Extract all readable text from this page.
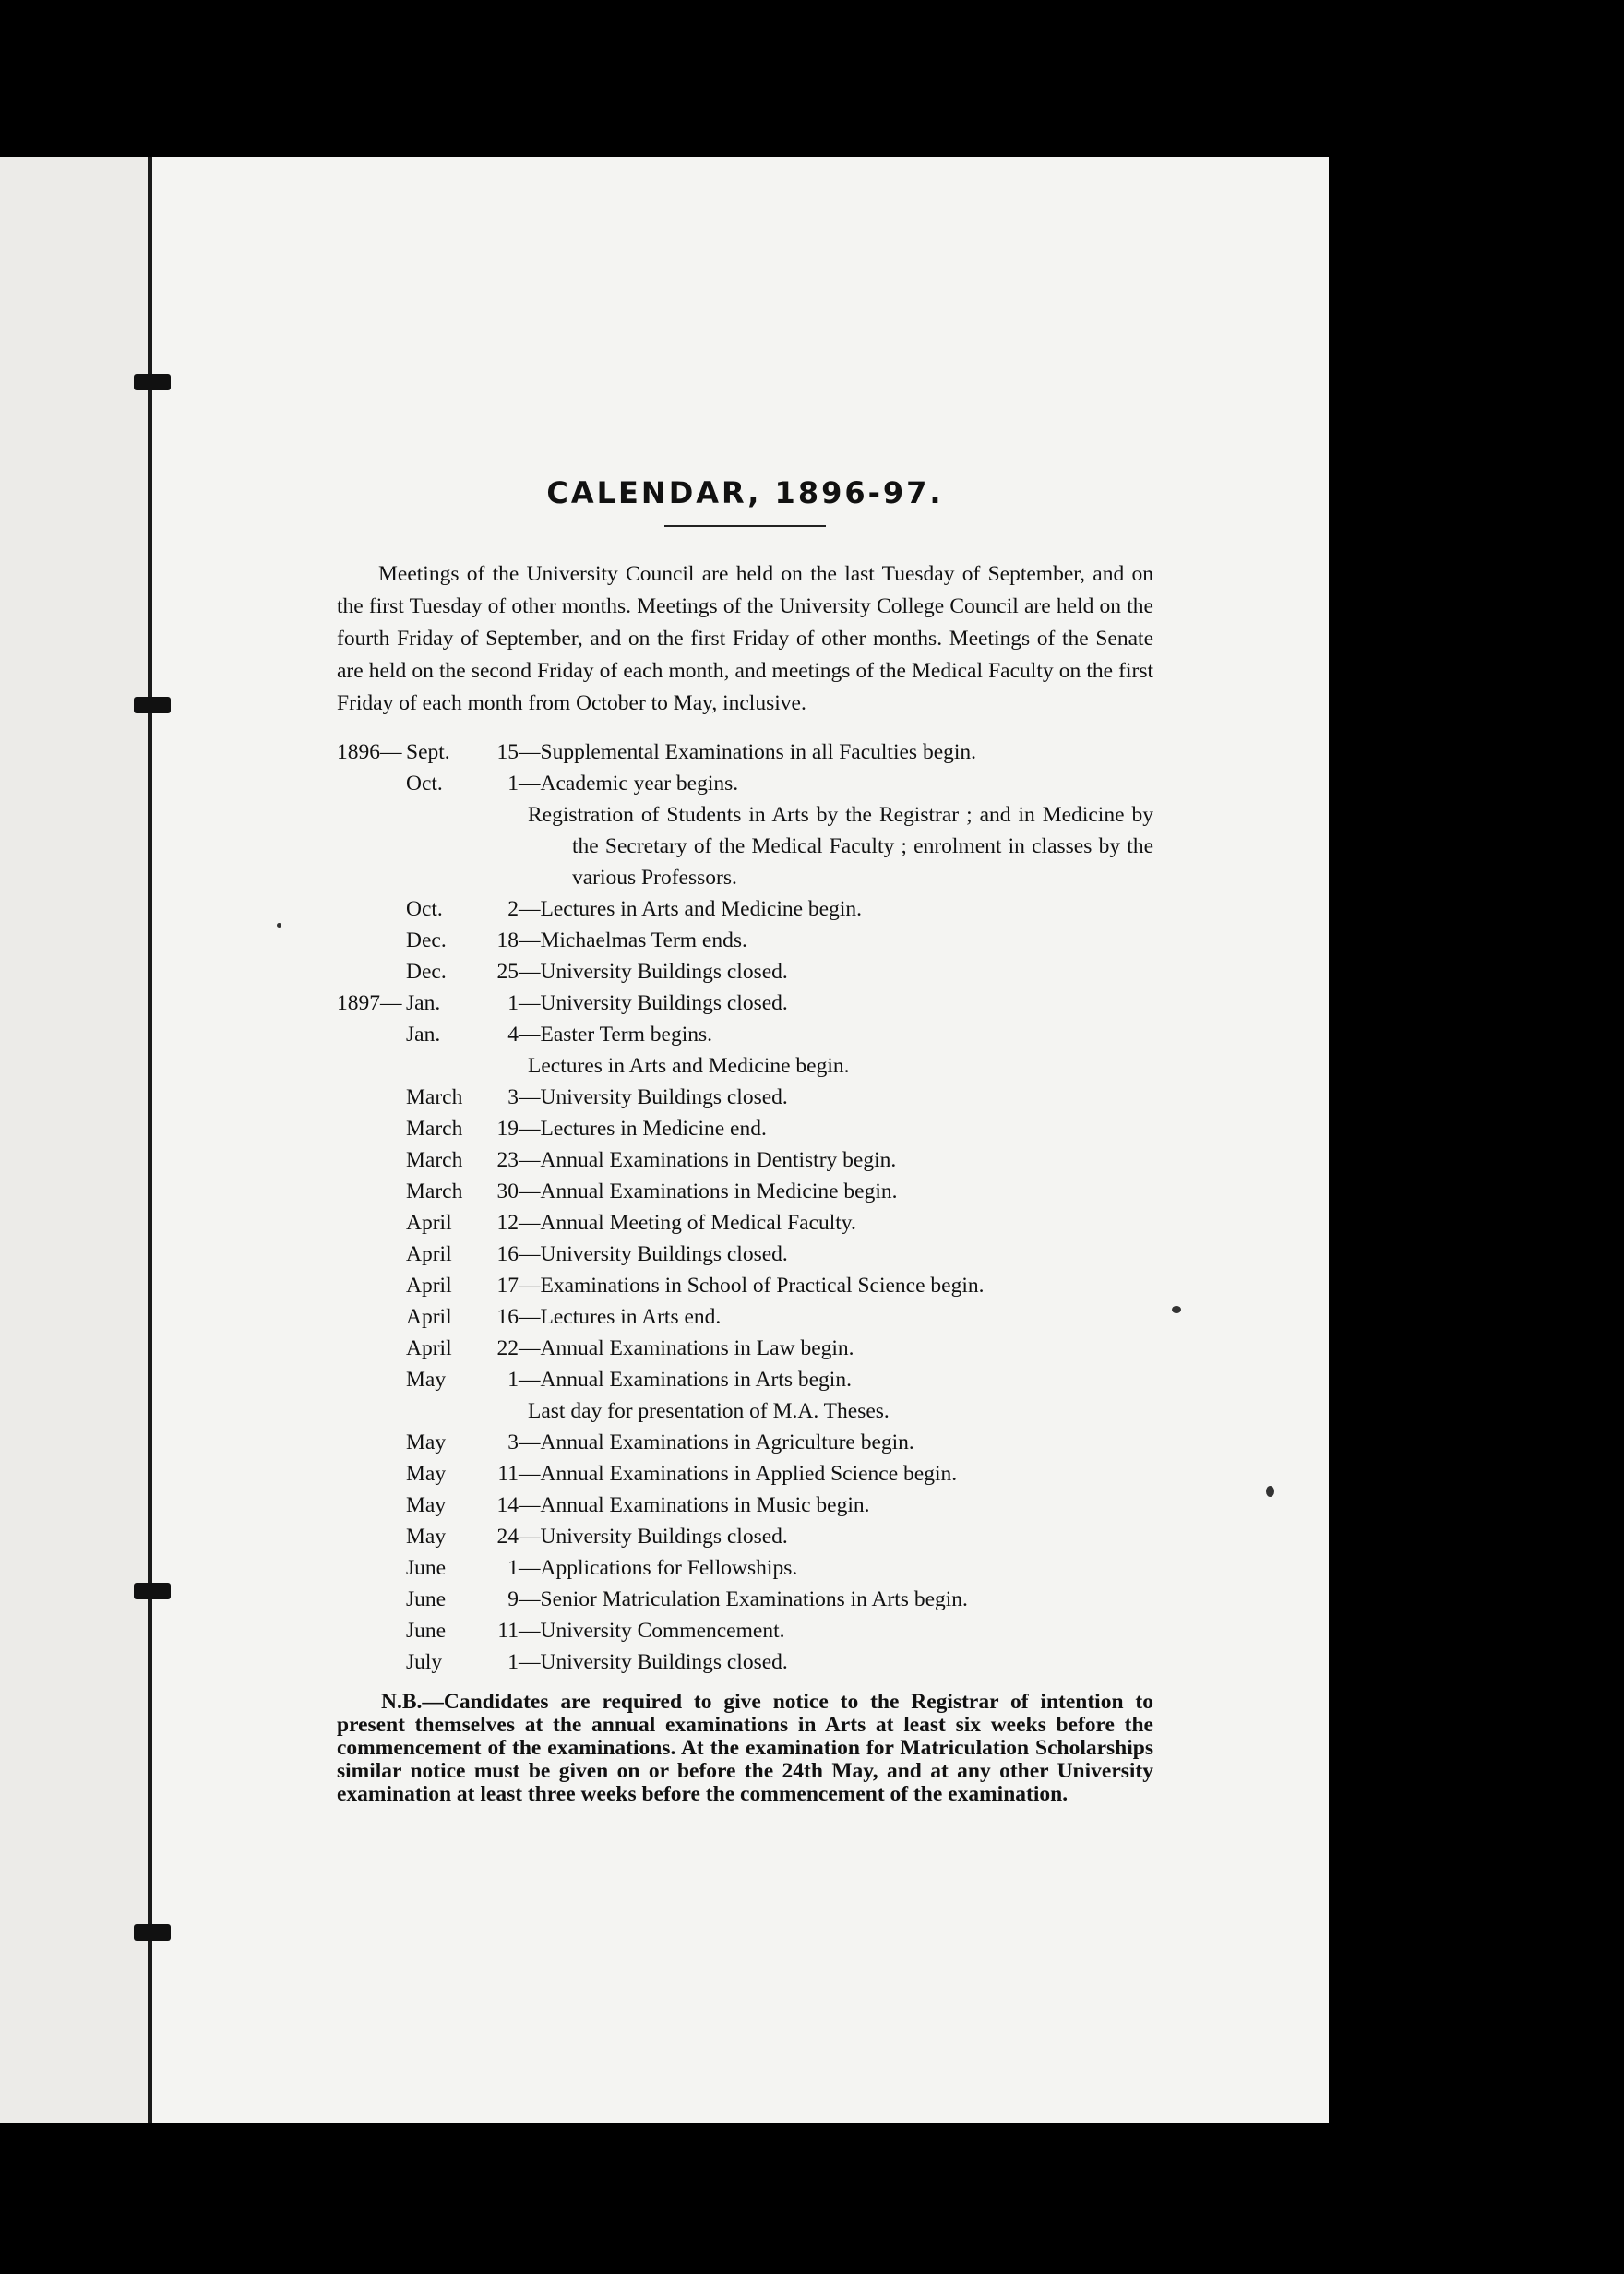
CALENDAR, 1896-97.

Meetings of the University Council are held on the last Tuesday of September, and on the first Tuesday of other months. Meetings of the University College Council are held on the fourth Friday of September, and on the first Friday of other months. Meetings of the Senate are held on the second Friday of each month, and meetings of the Medical Faculty on the first Friday of each month from October to May, inclusive.

1896— Sept.	15 —Supplemental Examinations in all Faculties begin.
Oct.	1 —Academic year begins.
Registration of Students in Arts by the Registrar ; and in Medicine by the Secretary of the Medical Faculty ; enrolment in classes by the various Professors.
Oct.	2 —Lectures in Arts and Medicine begin.
Dec.	18 —Michaelmas Term ends.
Dec.	25 —University Buildings closed.
1897— Jan.	1 —University Buildings closed.
Jan.	4 —Easter Term begins.
Lectures in Arts and Medicine begin.
March	3 —University Buildings closed.
March	19 —Lectures in Medicine end.
March	23 —Annual Examinations in Dentistry begin.
March	30 —Annual Examinations in Medicine begin.
April	12 —Annual Meeting of Medical Faculty.
April	16 —University Buildings closed.
April	17 —Examinations in School of Practical Science begin.
April	16 —Lectures in Arts end.
April	22 —Annual Examinations in Law begin.
May	1 —Annual Examinations in Arts begin.
Last day for presentation of M.A. Theses.
May	3 —Annual Examinations in Agriculture begin.
May	11 —Annual Examinations in Applied Science begin.
May	14 —Annual Examinations in Music begin.
May	24 —University Buildings closed.
June	1 —Applications for Fellowships.
June	9 —Senior Matriculation Examinations in Arts begin.
June	11 —University Commencement.
July	1 —University Buildings closed.

N.B.—Candidates are required to give notice to the Registrar of intention to present themselves at the annual examinations in Arts at least six weeks before the commencement of the examinations. At the examination for Matriculation Scholarships similar notice must be given on or before the 24th May, and at any other University examination at least three weeks before the commencement of the examination.
